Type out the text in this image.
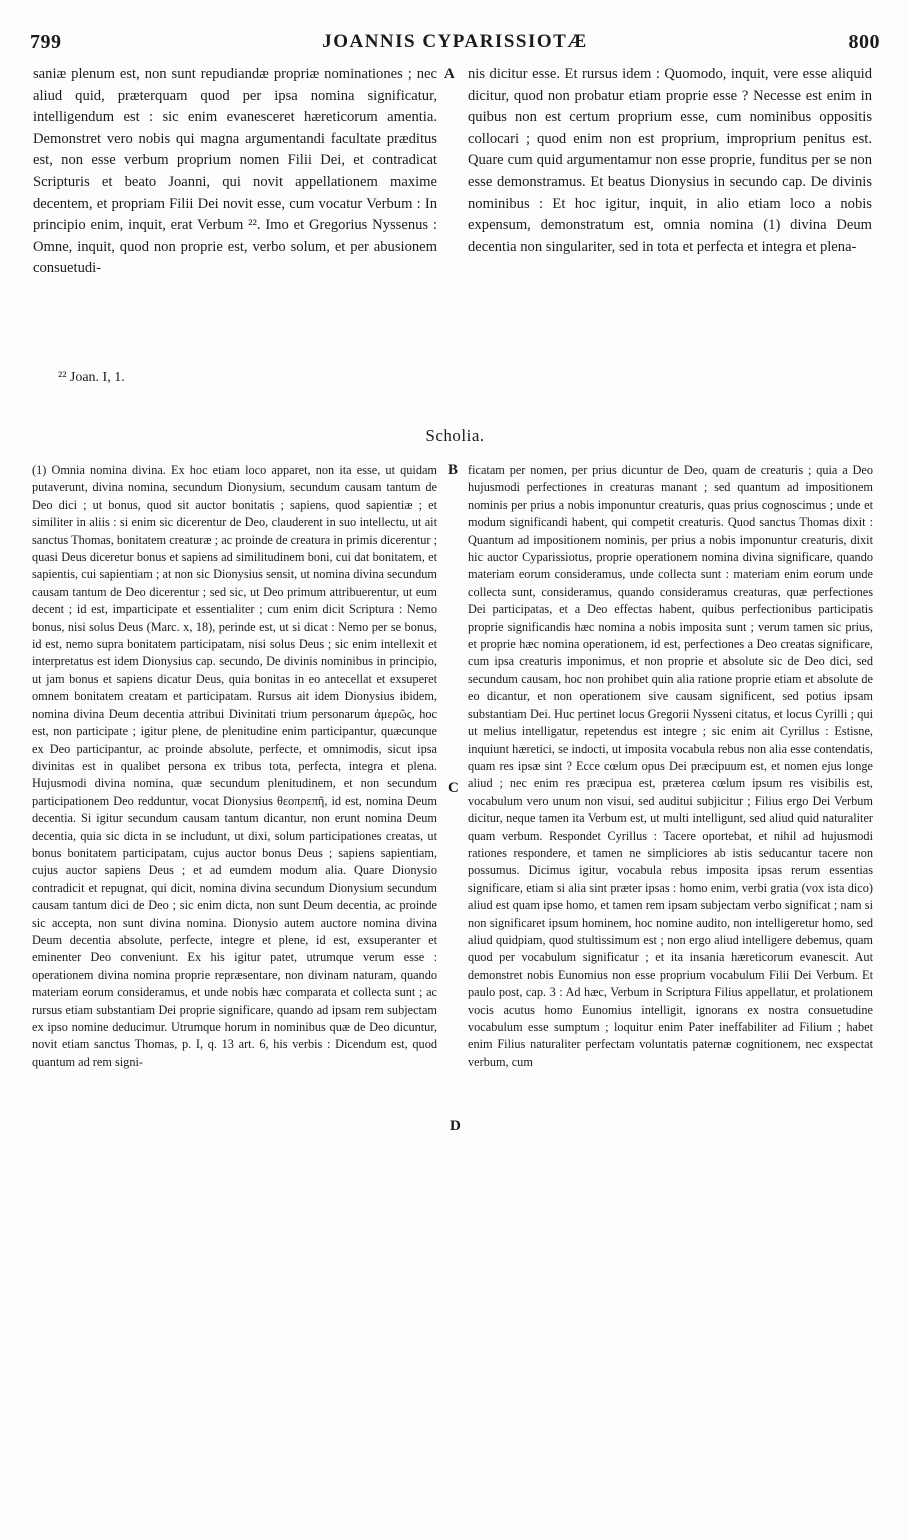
799	JOANNIS CYPARISSIOTÆ	800

saniæ plenum est, non sunt repudiandæ propriæ nominationes ; nec aliud quid, præterquam quod per ipsa nomina significatur, intelligendum est : sic enim evanesceret hæreticorum amentia. Demonstret vero nobis qui magna argumentandi facultate præditus est, non esse verbum proprium nomen Filii Dei, et contradicat Scripturis et beato Joanni, qui novit appellationem maxime decentem, et propriam Filii Dei novit esse, cum vocatur Verbum : In principio enim, inquit, erat Verbum ²². Imo et Gregorius Nyssenus : Omne, inquit, quod non proprie est, verbo solum, et per abusionem consuetudi-

A nis dicitur esse. Et rursus idem : Quomodo, inquit, vere esse aliquid dicitur, quod non probatur etiam proprie esse ? Necesse est enim in quibus non est certum proprium esse, cum nominibus oppositis collocari ; quod enim non est proprium, improprium penitus est. Quare cum quid argumentamur non esse proprie, funditus per se non esse demonstramus. Et beatus Dionysius in secundo cap. De divinis nominibus : Et hoc igitur, inquit, in alio etiam loco a nobis expensum, demonstratum est, omnia nomina (1) divina Deum decentia non singulariter, sed in tota et perfecta et integra et plena-

²² Joan. I, 1.
Scholia.

(1) Omnia nomina divina. Ex hoc etiam loco apparet, non ita esse, ut quidam putaverunt, divina nomina, secundum Dionysium, secundum causam tantum de Deo dici ; ut bonus, quod sit auctor bonitatis ; sapiens, quod sapientiæ ; et similiter in aliis : si enim sic dicerentur de Deo, clauderent in suo intellectu, ut ait sanctus Thomas, bonitatem creaturæ ; ac proinde de creatura in primis dicerentur ; quasi Deus diceretur bonus et sapiens ad similitudinem boni, cui dat bonitatem, et sapientis, cui sapientiam ; at non sic Dionysius sensit, ut nomina divina secundum causam tantum de Deo dicerentur ; sed sic, ut Deo primum attribuerentur, ut eum decent ; id est, imparticipate et essentialiter ; cum enim dicit Scriptura : Nemo bonus, nisi solus Deus (Marc. x, 18), perinde est, ut si dicat : Nemo per se bonus, id est, nemo supra bonitatem participatam, nisi solus Deus ; sic enim intellexit et interpretatus est idem Dionysius cap. secundo, De divinis nominibus in principio, ut jam bonus et sapiens dicatur Deus, quia bonitas in eo antecellat et exsuperet omnem bonitatem creatam et participatam. Rursus ait idem Dionysius ibidem, nomina divina Deum decentia attribui Divinitati trium personarum ἀμερῶς, hoc est, non participate ; igitur plene, de plenitudine enim participantur, quæcunque ex Deo participantur, ac proinde absolute, perfecte, et omnimodis, sicut ipsa divinitas est in qualibet persona ex tribus tota, perfecta, integra et plena. Hujusmodi divina nomina, quæ secundum plenitudinem, et non secundum participationem Deo redduntur, vocat Dionysius θεοπρεπῆ, id est, nomina Deum decentia. Si igitur secundum causam tantum dicantur, non erunt nomina Deum decentia, quia sic dicta in se includunt, ut dixi, solum participationes creatas, ut bonus bonitatem participatam, cujus auctor bonus Deus ; sapiens sapientiam, cujus auctor sapiens Deus ; et ad eumdem modum alia. Quare Dionysio contradicit et repugnat, qui dicit, nomina divina secundum Dionysium secundum causam tantum dici de Deo ; sic enim dicta, non sunt Deum decentia, ac proinde sic accepta, non sunt divina nomina. Dionysio autem auctore nomina divina Deum decentia absolute, perfecte, integre et plene, id est, exsuperanter et eminenter Deo conveniunt. Ex his igitur patet, utrumque verum esse : operationem divina nomina proprie repræsentare, non divinam naturam, quando materiam eorum consideramus, et unde nobis hæc comparata et collecta sunt ; ac rursus etiam substantiam Dei proprie significare, quando ad ipsam rem subjectam ex ipso nomine deducimur. Utrumque horum in nominibus quæ de Deo dicuntur, novit etiam sanctus Thomas, p. I, q. 13 art. 6, his verbis : Dicendum est, quod quantum ad rem signi-

B
C
D

ficatam per nomen, per prius dicuntur de Deo, quam de creaturis ; quia a Deo hujusmodi perfectiones in creaturas manant ; sed quantum ad impositionem nominis per prius a nobis imponuntur creaturis, quas prius cognoscimus ; unde et modum significandi habent, qui competit creaturis. Quod sanctus Thomas dixit : Quantum ad impositionem nominis, per prius a nobis imponuntur creaturis, dixit hic auctor Cyparissiotus, proprie operationem nomina divina significare, quando materiam eorum consideramus, unde collecta sunt : materiam enim eorum unde collecta sunt, consideramus, quando consideramus creaturas, quæ perfectiones Dei participatas, et a Deo effectas habent, quibus perfectionibus participatis proprie significandis hæc nomina a nobis imposita sunt ; verum tamen sic prius, et proprie hæc nomina operationem, id est, perfectiones a Deo creatas significare, cum ipsa creaturis imponimus, et non proprie et absolute sic de Deo dici, sed secundum causam, hoc non prohibet quin alia ratione proprie etiam et absolute de eo dicantur, et non operationem sive causam significent, sed potius ipsam substantiam Dei. Huc pertinet locus Gregorii Nysseni citatus, et locus Cyrilli ; qui ut melius intelligatur, repetendus est integre ; sic enim ait Cyrillus : Estisne, inquiunt hæretici, se indocti, ut imposita vocabula rebus non alia esse contendatis, quam res ipsæ sint ? Ecce cœlum opus Dei præcipuum est, et nomen ejus longe aliud ; nec enim res præcipua est, præterea cœlum ipsum res visibilis est, vocabulum vero unum non visui, sed auditui subjicitur ; Filius ergo Dei Verbum dicitur, neque tamen ita Verbum est, ut multi intelligunt, sed aliud quid naturaliter quam verbum. Respondet Cyrillus : Tacere oportebat, et nihil ad hujusmodi rationes respondere, et tamen ne simpliciores ab istis seducantur tacere non possumus. Dicimus igitur, vocabula rebus imposita ipsas rerum essentias significare, etiam si alia sint præter ipsas : homo enim, verbi gratia (vox ista dico) aliud est quam ipse homo, et tamen rem ipsam subjectam verbo significat ; nam si non significaret ipsum hominem, hoc nomine audito, non intelligeretur homo, sed aliud quidpiam, quod stultissimum est ; non ergo aliud intelligere debemus, quam quod per vocabulum significatur ; et ita insania hæreticorum evanescit. Aut demonstret nobis Eunomius non esse proprium vocabulum Filii Dei Verbum. Et paulo post, cap. 3 : Ad hæc, Verbum in Scriptura Filius appellatur, et prolationem vocis acutus homo Eunomius intelligit, ignorans ex nostra consuetudine vocabulum esse sumptum ; loquitur enim Pater ineffabiliter ad Filium ; habet enim Filius naturaliter perfectam voluntatis paternæ cognitionem, nec exspectat verbum, cum
